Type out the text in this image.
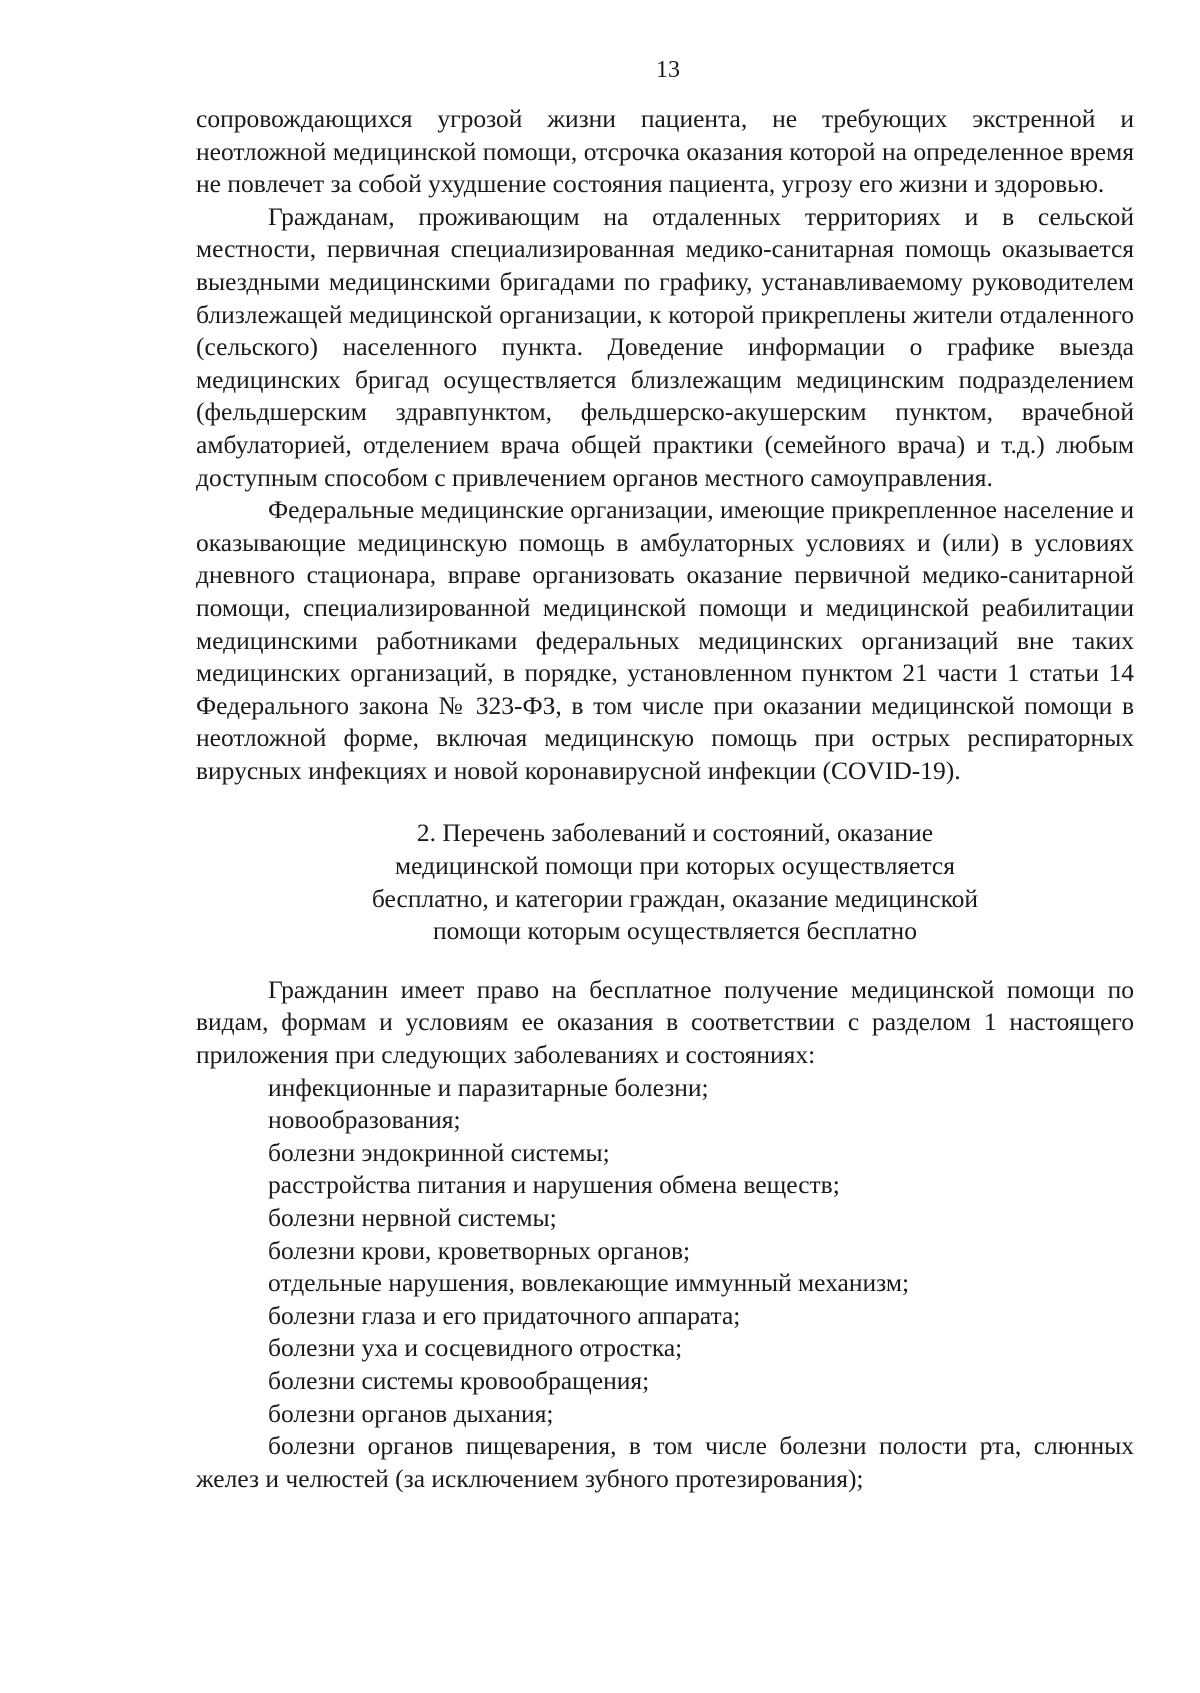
13

сопровождающихся угрозой жизни пациента, не требующих экстренной и неотложной медицинской помощи, отсрочка оказания которой на определенное время не повлечет за собой ухудшение состояния пациента, угрозу его жизни и здоровью.

Гражданам, проживающим на отдаленных территориях и в сельской местности, первичная специализированная медико-санитарная помощь оказывается выездными медицинскими бригадами по графику, устанавливаемому руководителем близлежащей медицинской организации, к которой прикреплены жители отдаленного (сельского) населенного пункта. Доведение информации о графике выезда медицинских бригад осуществляется близлежащим медицинским подразделением (фельдшерским здравпунктом, фельдшерско-акушерским пунктом, врачебной амбулаторией, отделением врача общей практики (семейного врача) и т.д.) любым доступным способом с привлечением органов местного самоуправления.

Федеральные медицинские организации, имеющие прикрепленное население и оказывающие медицинскую помощь в амбулаторных условиях и (или) в условиях дневного стационара, вправе организовать оказание первичной медико-санитарной помощи, специализированной медицинской помощи и медицинской реабилитации медицинскими работниками федеральных медицинских организаций вне таких медицинских организаций, в порядке, установленном пунктом 21 части 1 статьи 14 Федерального закона № 323-ФЗ, в том числе при оказании медицинской помощи в неотложной форме, включая медицинскую помощь при острых респираторных вирусных инфекциях и новой коронавирусной инфекции (COVID-19).

2. Перечень заболеваний и состояний, оказание
медицинской помощи при которых осуществляется
бесплатно, и категории граждан, оказание медицинской
помощи которым осуществляется бесплатно

Гражданин имеет право на бесплатное получение медицинской помощи по видам, формам и условиям ее оказания в соответствии с разделом 1 настоящего приложения при следующих заболеваниях и состояниях:

инфекционные и паразитарные болезни;
новообразования;
болезни эндокринной системы;
расстройства питания и нарушения обмена веществ;
болезни нервной системы;
болезни крови, кроветворных органов;
отдельные нарушения, вовлекающие иммунный механизм;
болезни глаза и его придаточного аппарата;
болезни уха и сосцевидного отростка;
болезни системы кровообращения;
болезни органов дыхания;
болезни органов пищеварения, в том числе болезни полости рта, слюнных желез и челюстей (за исключением зубного протезирования);
